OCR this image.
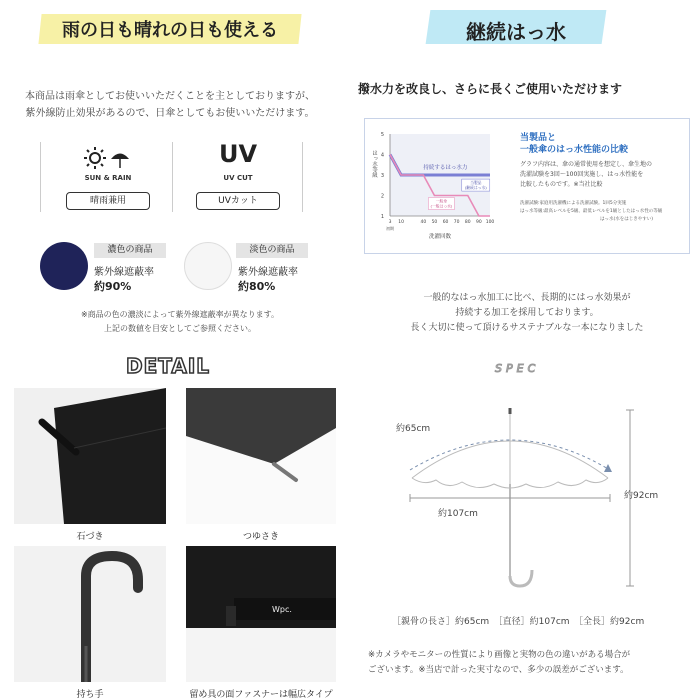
雨の日も晴れの日も使える
本商品は雨傘としてお使いいただくことを主としておりますが、
紫外線防止効果があるので、日傘としてもお使いいただけます。
SUN & RAIN
晴雨兼用
UV
UV CUT
UVカット
濃色の商品
紫外線遮蔽率
約90%
淡色の商品
紫外線遮蔽率
約80%
※商品の色の濃淡によって紫外線遮蔽率が異なります。
上記の数値を目安としてご参照ください。
DETAIL
石づき	つゆさき
持ち手
Wpc.
留め具の面ファスナーは幅広タイプ
継続はっ水
撥水力を改良し、さらに長くご使用いただけます
1
2
3
4
5
3 10	40 50 60 70 80 90 100
初期
洗濯回数
はっ水等級	持続するはっ水力
当製品
(継続はっ水)
一般傘
(一般はっ水)
当製品と
一般傘のはっ水性能の比較
グラフ内容は、傘の通常使用を想定し、傘生地の
洗濯試験を3回～100回実施し、はっ水性能を
比較したものです。※当社比較
洗濯試験:家庭用洗濯機による洗濯試験。1回5分実施
はっ水等級:最高レベルを5級、最低レベルを1級としたはっ水性の等級
はっ水(水をはじきやすい)
一般的なはっ水加工に比べ、長期的にはっ水効果が
持続する加工を採用しております。
長く大切に使って頂けるサステナブルな一本になりました
SPEC
約65cm
約107cm
約92cm
［親骨の長さ］約65cm　［直径］約107cm　［全長］約92cm
※カメラやモニターの性質により画像と実物の色の違いがある場合が
ございます。※当店で計った実寸なので、多少の誤差がございます。
